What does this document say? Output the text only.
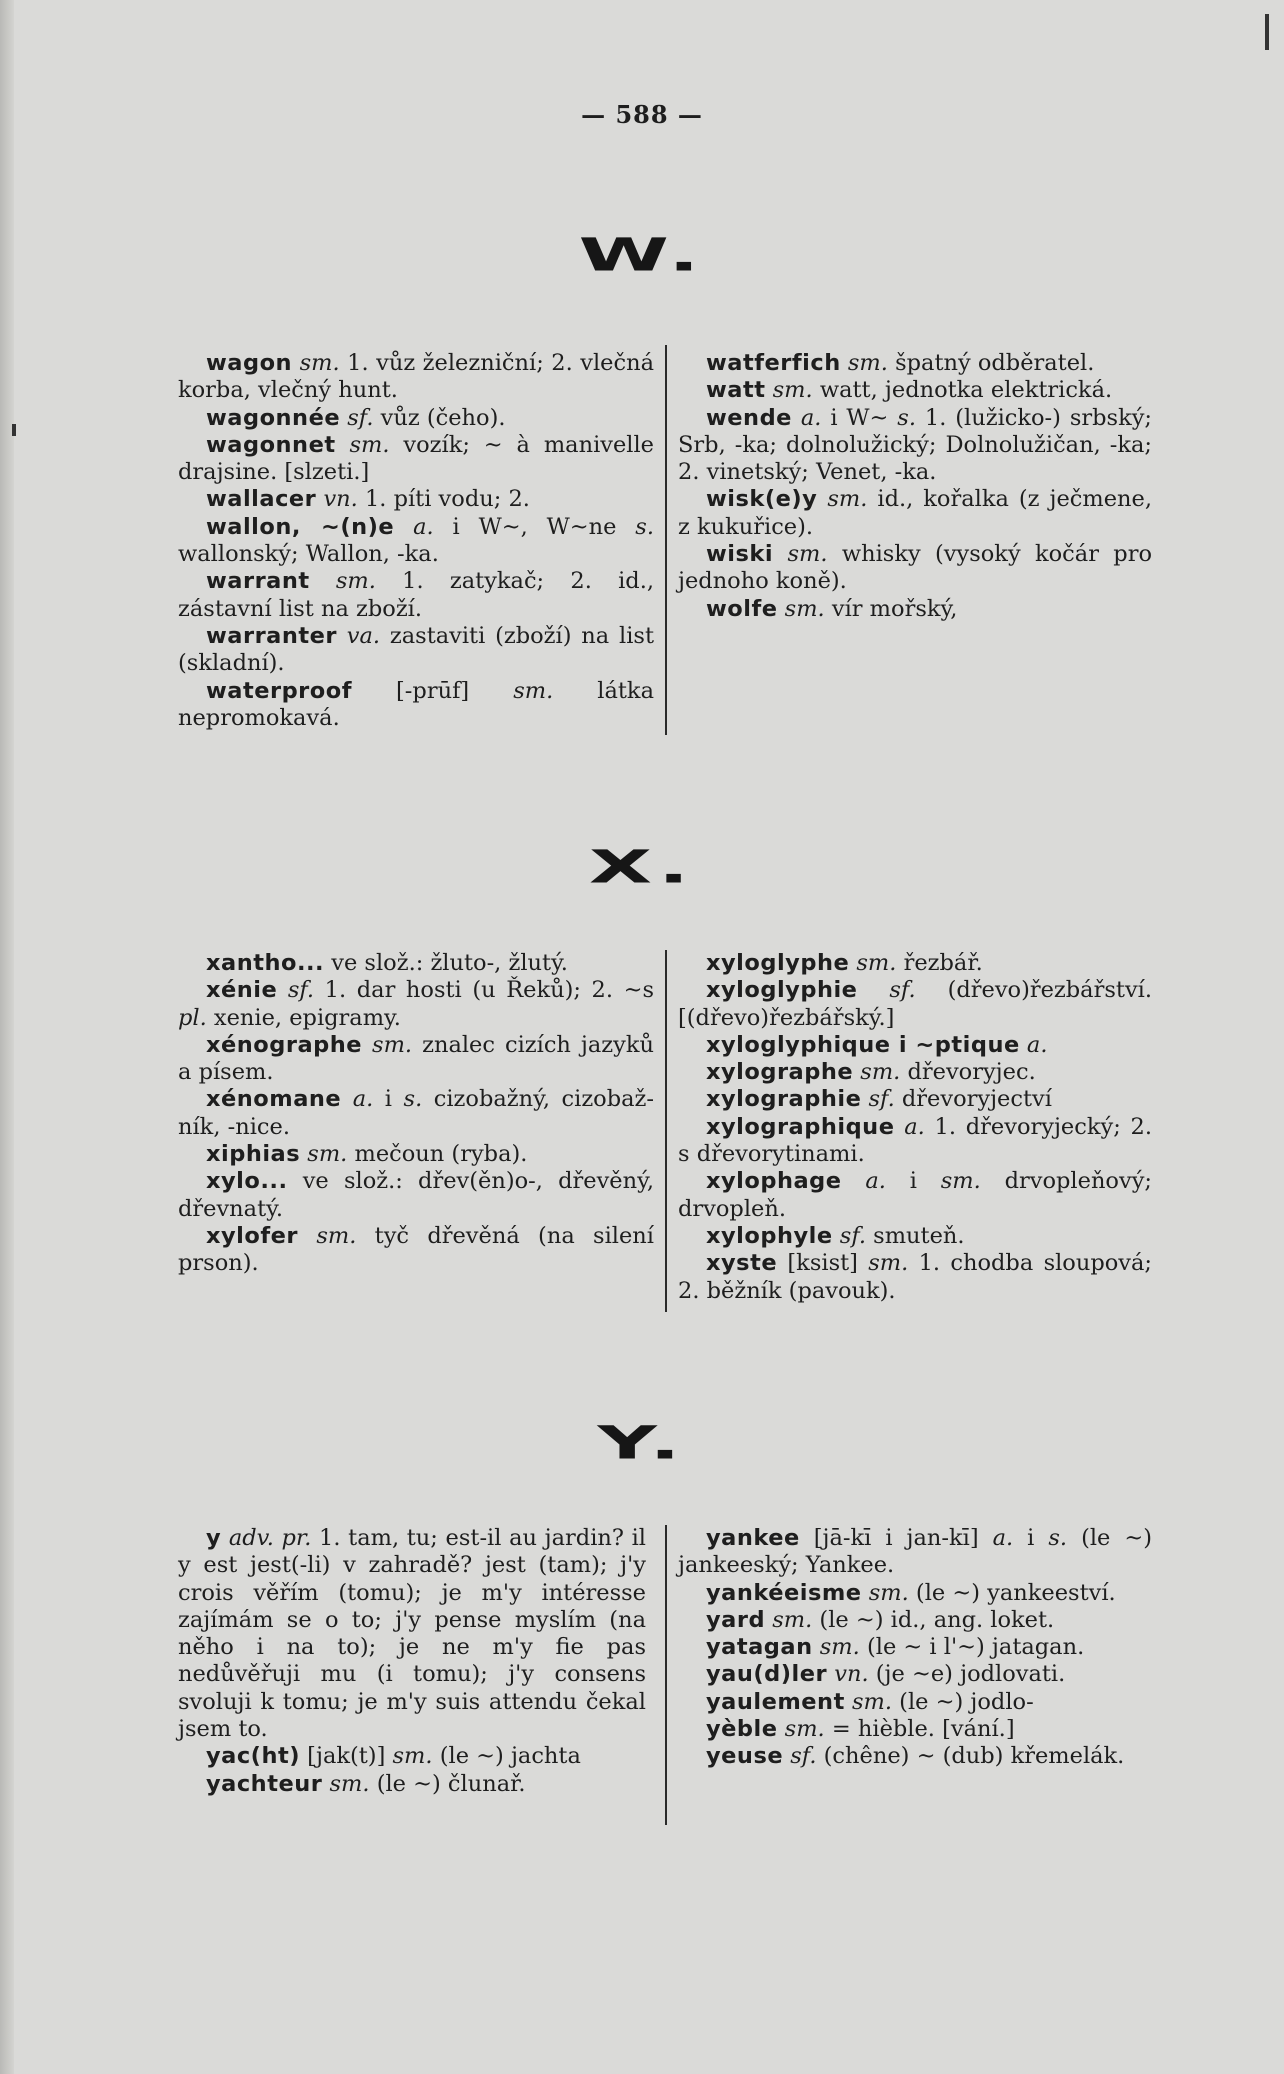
— 588 —
W.

wagon sm. 1. vůz železniční; 2. vlečná korba, vlečný hunt.

wagonnée sf. vůz (čeho).

wagonnet sm. vozík; ~ à manivelle drajsine. [slzeti.]

wallacer vn. 1. píti vodu; 2.

wallon, ~(n)e a. i W~, W~ne s. wallonský; Wallon, -ka.

warrant sm. 1. zatykač; 2. id., zástavní list na zboží.

warranter va. zastaviti (zboží) na list (skladní).

waterproof [-prūf] sm. látka nepromokavá.

watferfich sm. špatný odběratel.

watt sm. watt, jednotka elektrická.

wende a. i W~ s. 1. (lužicko-) srbský; Srb, -ka; dolnolužický; Dolnolužičan, -ka; 2. vinetský; Venet, -ka.

wisk(e)y sm. id., kořalka (z ječmene, z kukuřice).

wiski sm. whisky (vysoký kočár pro jednoho koně).

wolfe sm. vír mořský,

X.

xantho... ve slož.: žluto-, žlutý.

xénie sf. 1. dar hosti (u Řeků); 2. ~s pl. xenie, epigramy.

xénographe sm. znalec cizích jazyků a písem.

xénomane a. i s. cizobažný, cizobaž-ník, -nice.

xiphias sm. mečoun (ryba).

xylo... ve slož.: dřev(ěn)o-, dřevěný, dřevnatý.

xylofer sm. tyč dřevěná (na silení prson).

xyloglyphe sm. řezbář.

xyloglyphie sf. (dřevo)řezbářství. [(dřevo)řezbářský.]

xyloglyphique i ~ptique a.

xylographe sm. dřevoryjec.

xylographie sf. dřevoryjectví

xylographique a. 1. dřevoryjecký; 2. s dřevorytinami.

xylophage a. i sm. drvopleňový; drvopleň.

xylophyle sf. smuteň.

xyste [ksist] sm. 1. chodba sloupová; 2. běžník (pavouk).

Y.

y adv. pr. 1. tam, tu; est-il au jardin? il y est jest(-li) v zahradě? jest (tam); j'y crois věřím (tomu); je m'y intéresse zajímám se o to; j'y pense myslím (na něho i na to); je ne m'y fie pas nedůvěřuji mu (i tomu); j'y consens svoluji k tomu; je m'y suis attendu čekal jsem to.

yac(ht) [jak(t)] sm. (le ~) jachta

yachteur sm. (le ~) člunař.

yankee [jā-kī i jan-kī] a. i s. (le ~) jankeeský; Yankee.

yankéeisme sm. (le ~) yankeeství.

yard sm. (le ~) id., ang. loket.

yatagan sm. (le ~ i l'~) jatagan.

yau(d)ler vn. (je ~e) jodlovati.

yaulement sm. (le ~) jodlo-

yèble sm. = hièble. [vání.]

yeuse sf. (chêne) ~ (dub) křemelák.
